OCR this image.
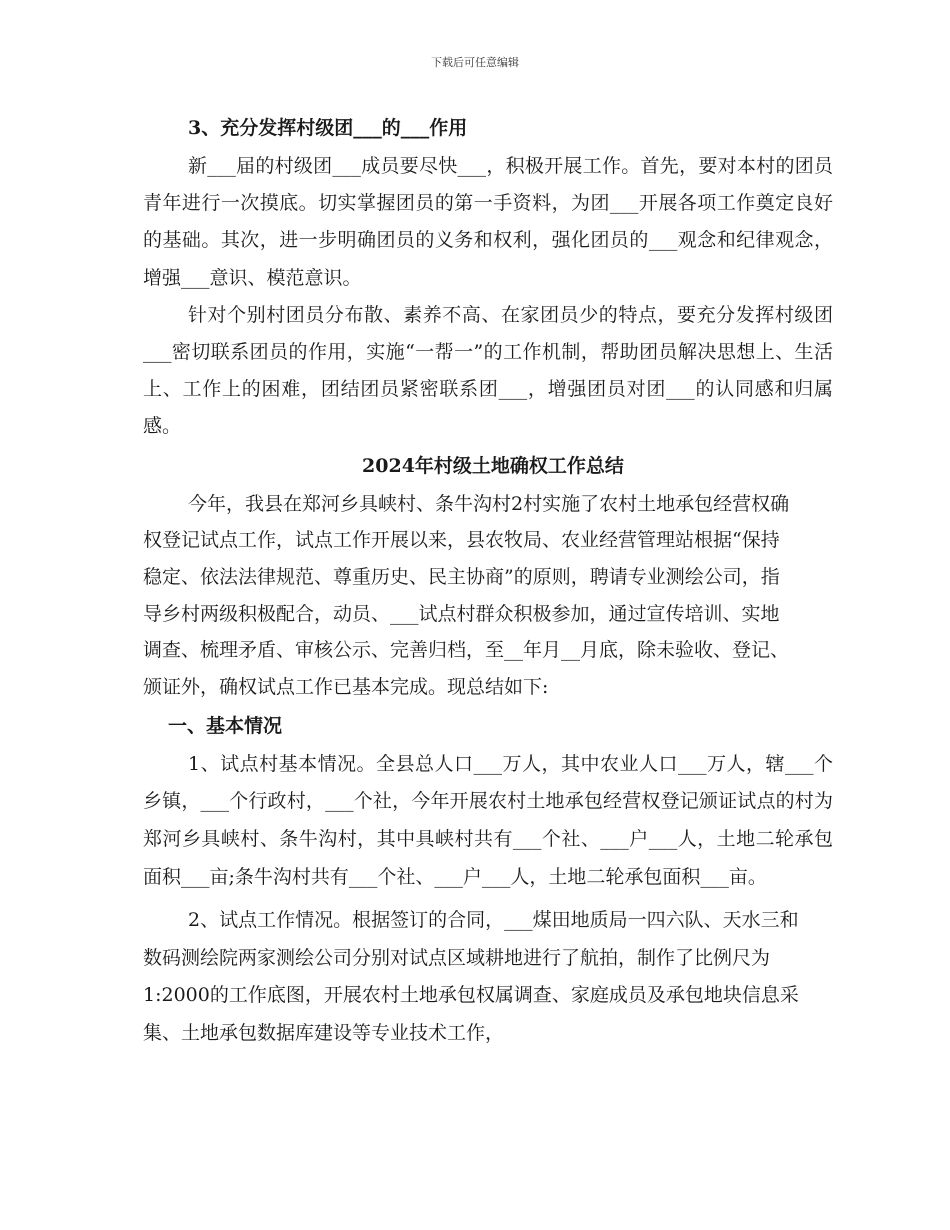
下载后可任意编辑
3、充分发挥村级团___的___作用

新___届的村级团___成员要尽快___，积极开展工作。首先，要对本村的团员青年进行一次摸底。切实掌握团员的第一手资料，为团___开展各项工作奠定良好的基础。其次，进一步明确团员的义务和权利，强化团员的___观念和纪律观念，增强___意识、模范意识。

针对个别村团员分布散、素养不高、在家团员少的特点，要充分发挥村级团___密切联系团员的作用，实施“一帮一”的工作机制，帮助团员解决思想上、生活上、工作上的困难，团结团员紧密联系团___，增强团员对团___的认同感和归属感。

2024年村级土地确权工作总结

今年，我县在郑河乡具峡村、条牛沟村2村实施了农村土地承包经营权确权登记试点工作，试点工作开展以来，县农牧局、农业经营管理站根据“保持稳定、依法法律规范、尊重历史、民主协商”的原则，聘请专业测绘公司，指导乡村两级积极配合，动员、___试点村群众积极参加，通过宣传培训、实地调查、梳理矛盾、审核公示、完善归档，至__年月__月底，除未验收、登记、颁证外，确权试点工作已基本完成。现总结如下:

一、基本情况

1、试点村基本情况。全县总人口___万人，其中农业人口___万人，辖___个乡镇，___个行政村，___个社，今年开展农村土地承包经营权登记颁证试点的村为郑河乡具峡村、条牛沟村，其中具峡村共有___个社、___户___人，土地二轮承包面积___亩;条牛沟村共有___个社、___户___人，土地二轮承包面积___亩。

2、试点工作情况。根据签订的合同，___煤田地质局一四六队、天水三和数码测绘院两家测绘公司分别对试点区域耕地进行了航拍，制作了比例尺为1:2000的工作底图，开展农村土地承包权属调查、家庭成员及承包地块信息采集、土地承包数据库建设等专业技术工作，
